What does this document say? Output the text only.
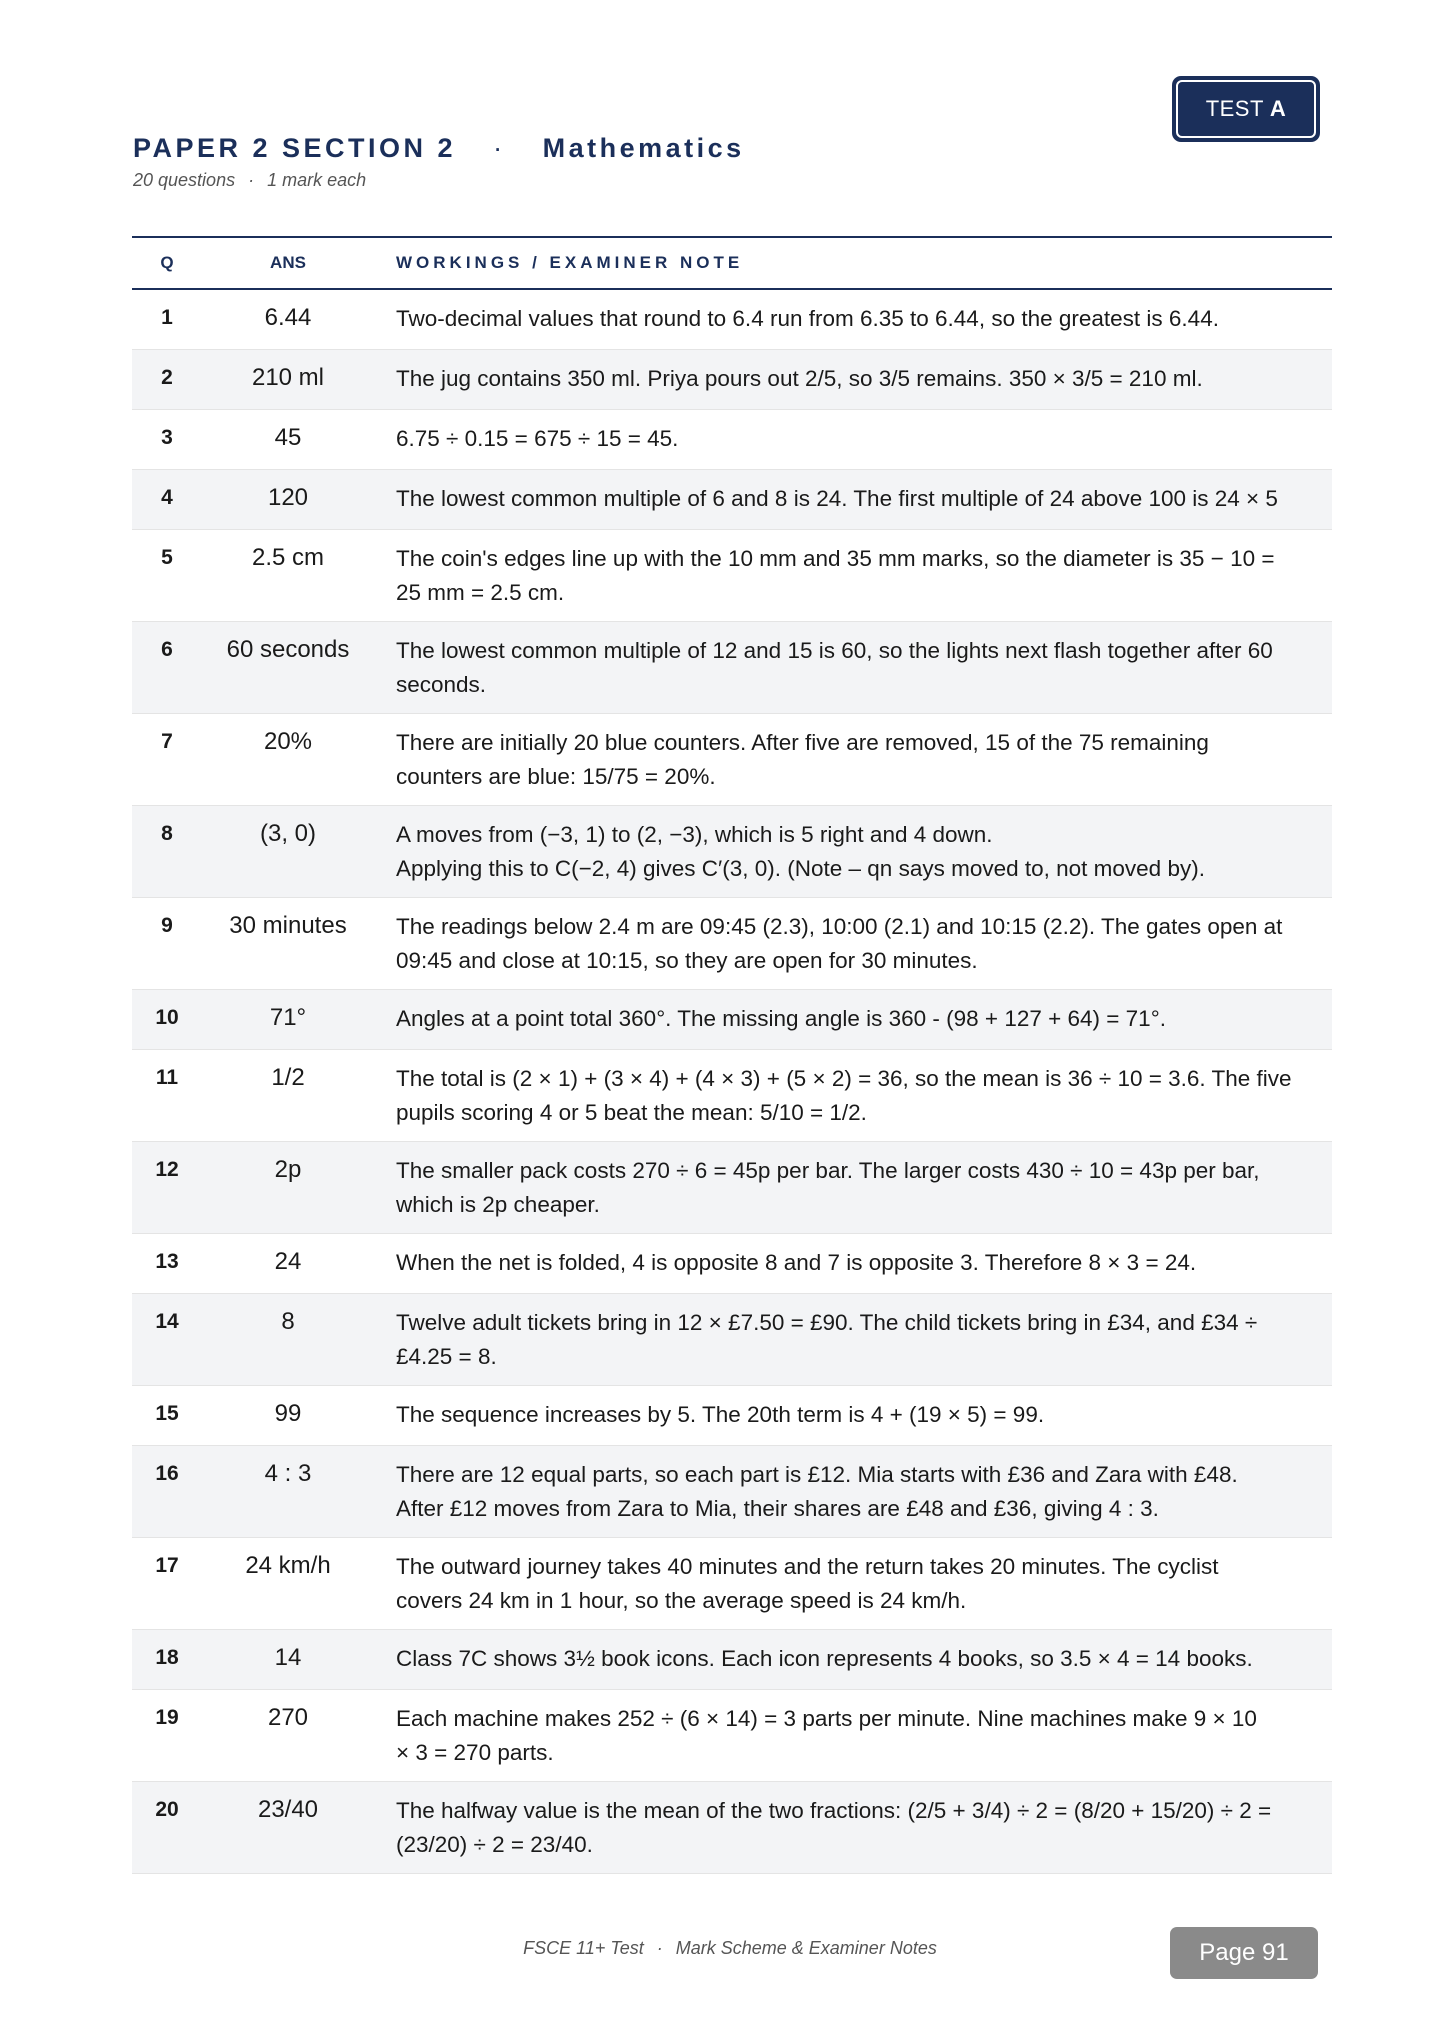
TEST A
PAPER 2 SECTION 2 · Mathematics
20 questions · 1 mark each
Q	ANS	WORKINGS / EXAMINER NOTE
1	6.44	Two-decimal values that round to 6.4 run from 6.35 to 6.44, so the greatest is 6.44.
2	210 ml	The jug contains 350 ml. Priya pours out 2/5, so 3/5 remains. 350 × 3/5 = 210 ml.
3	45	6.75 ÷ 0.15 = 675 ÷ 15 = 45.
4	120	The lowest common multiple of 6 and 8 is 24. The first multiple of 24 above 100 is 24 × 5
5	2.5 cm	The coin's edges line up with the 10 mm and 35 mm marks, so the diameter is 35 − 10 =
25 mm = 2.5 cm.
6	60 seconds	The lowest common multiple of 12 and 15 is 60, so the lights next flash together after 60
seconds.
7	20%	There are initially 20 blue counters. After five are removed, 15 of the 75 remaining
counters are blue: 15/75 = 20%.
8	(3, 0)	A moves from (−3, 1) to (2, −3), which is 5 right and 4 down.
Applying this to C(−2, 4) gives C′(3, 0). (Note – qn says moved to, not moved by).
9	30 minutes	The readings below 2.4 m are 09:45 (2.3), 10:00 (2.1) and 10:15 (2.2). The gates open at
09:45 and close at 10:15, so they are open for 30 minutes.
10	71°	Angles at a point total 360°. The missing angle is 360 - (98 + 127 + 64) = 71°.
11	1/2	The total is (2 × 1) + (3 × 4) + (4 × 3) + (5 × 2) = 36, so the mean is 36 ÷ 10 = 3.6. The five
pupils scoring 4 or 5 beat the mean: 5/10 = 1/2.
12	2p	The smaller pack costs 270 ÷ 6 = 45p per bar. The larger costs 430 ÷ 10 = 43p per bar,
which is 2p cheaper.
13	24	When the net is folded, 4 is opposite 8 and 7 is opposite 3. Therefore 8 × 3 = 24.
14	8	Twelve adult tickets bring in 12 × £7.50 = £90. The child tickets bring in £34, and £34 ÷
£4.25 = 8.
15	99	The sequence increases by 5. The 20th term is 4 + (19 × 5) = 99.
16	4 : 3	There are 12 equal parts, so each part is £12. Mia starts with £36 and Zara with £48.
After £12 moves from Zara to Mia, their shares are £48 and £36, giving 4 : 3.
17	24 km/h	The outward journey takes 40 minutes and the return takes 20 minutes. The cyclist
covers 24 km in 1 hour, so the average speed is 24 km/h.
18	14	Class 7C shows 3½ book icons. Each icon represents 4 books, so 3.5 × 4 = 14 books.
19	270	Each machine makes 252 ÷ (6 × 14) = 3 parts per minute. Nine machines make 9 × 10
× 3 = 270 parts.
20	23/40	The halfway value is the mean of the two fractions: (2/5 + 3/4) ÷ 2 = (8/20 + 15/20) ÷ 2 =
(23/20) ÷ 2 = 23/40.
FSCE 11+ Test · Mark Scheme & Examiner Notes	Page 91
